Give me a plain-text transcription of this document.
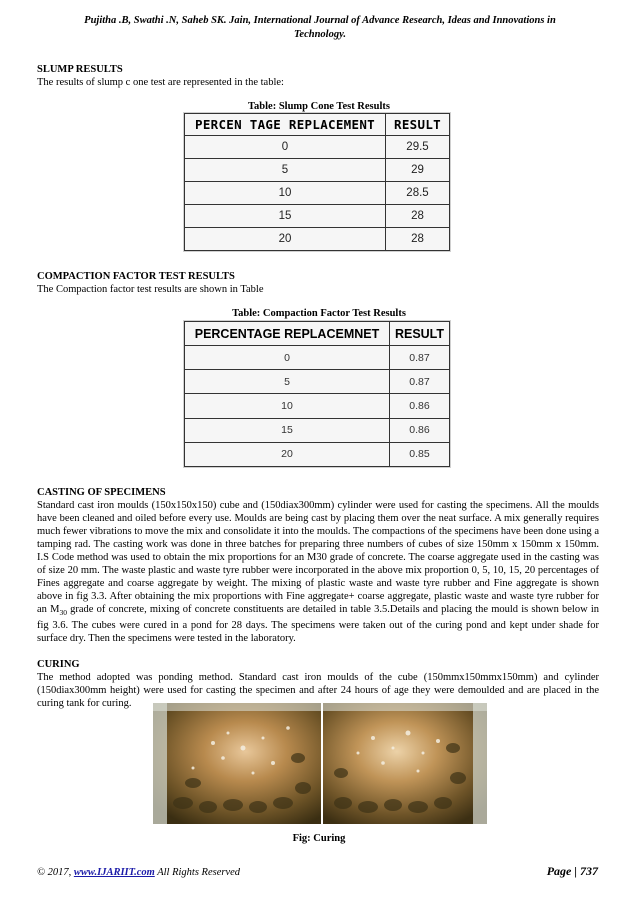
Pujitha .B, Swathi .N, Saheb SK. Jain, International Journal of Advance Research, Ideas and Innovations in
Technology.
SLUMP RESULTS
The results of slump c one test are represented in the table:
Table: Slump Cone Test Results
PERCEN TAGE REPLACEMENT	RESULT
0	29.5
5	29
10	28.5
15	28
20	28
COMPACTION FACTOR TEST RESULTS
The Compaction factor test results are shown in Table
Table: Compaction Factor Test Results
PERCENTAGE REPLACEMNET	RESULT
0	0.87
5	0.87
10	0.86
15	0.86
20	0.85
CASTING OF SPECIMENS
Standard cast iron moulds (150x150x150) cube and (150diax300mm) cylinder were used for casting the specimens. All the moulds have been cleaned and oiled before every use. Moulds are being cast by placing them over the neat surface. A mix generally requires much fewer vibrations to move the mix and consolidate it into the moulds. The compactions of the specimens have been done using a tamping rad. The casting work was done in three batches for preparing three numbers of cubes of size 150mm x 150mm x 150mm. I.S Code method was used to obtain the mix proportions for an M30 grade of concrete. The coarse aggregate used in the casting was of size 20 mm. The waste plastic and waste tyre rubber were incorporated in the above mix proportion 0, 5, 10, 15, 20 percentages of Fines aggregate and coarse aggregate by weight. The mixing of plastic waste and waste tyre rubber and Fine aggregate is shown above in fig 3.3. After obtaining the mix proportions with Fine aggregate+ coarse aggregate, plastic waste and waste tyre rubber for an $M_{30}$ grade of concrete, mixing of concrete constituents are detailed in table 3.5.Details and placing the mould is shown below in fig 3.6. The cubes were cured in a pond for 28 days. The specimens were taken out of the curing pond and kept under shade for surface dry. Then the specimens were tested in the laboratory.
CURING
The method adopted was ponding method. Standard cast iron moulds of the cube (150mmx150mmx150mm) and cylinder (150diax300mm height) were used for casting the specimen and after 24 hours of age they were demoulded and are placed in the curing tank for curing.
Fig: Curing
© 2017, www.IJARIIT.com All Rights Reserved	Page | 737
